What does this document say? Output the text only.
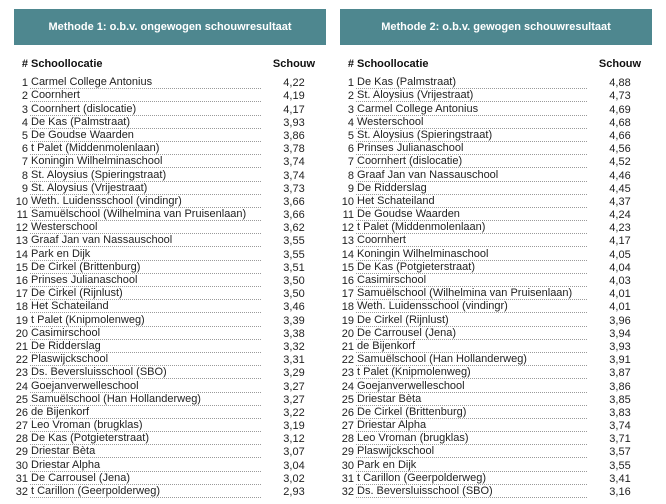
Methode 1: o.b.v. ongewogen schouwresultaat
# Schoollocatie	Schouw
1 Carmel College Antonius	4,22
2 Coornhert	4,19
3 Coornhert (dislocatie)	4,17
4 De Kas (Palmstraat)	3,93
5 De Goudse Waarden	3,86
6 t Palet (Middenmolenlaan)	3,78
7 Koningin Wilhelminaschool	3,74
8 St. Aloysius (Spieringstraat)	3,74
9 St. Aloysius (Vrijestraat)	3,73
10 Weth. Luidensschool (vindingr)	3,66
11 Samuëlschool (Wilhelmina van Pruisenlaan)	3,66
12 Westerschool	3,62
13 Graaf Jan van Nassauschool	3,55
14 Park en Dijk	3,55
15 De Cirkel (Brittenburg)	3,51
16 Prinses Julianaschool	3,50
17 De Cirkel (Rijnlust)	3,50
18 Het Schateiland	3,46
19 t Palet (Knipmolenweg)	3,39
20 Casimirschool	3,38
21 De Ridderslag	3,32
22 Plaswijckschool	3,31
23 Ds. Beversluisschool (SBO)	3,29
24 Goejanverwelleschool	3,27
25 Samuëlschool (Han Hollanderweg)	3,27
26 de Bijenkorf	3,22
27 Leo Vroman (brugklas)	3,19
28 De Kas (Potgieterstraat)	3,12
29 Driestar Bèta	3,07
30 Driestar Alpha	3,04
31 De Carrousel (Jena)	3,02
32 t Carillon (Geerpolderweg)	2,93
Methode 2: o.b.v. gewogen schouwresultaat
# Schoollocatie	Schouw
1 De Kas (Palmstraat)	4,88
2 St. Aloysius (Vrijestraat)	4,73
3 Carmel College Antonius	4,69
4 Westerschool	4,68
5 St. Aloysius (Spieringstraat)	4,66
6 Prinses Julianaschool	4,56
7 Coornhert (dislocatie)	4,52
8 Graaf Jan van Nassauschool	4,46
9 De Ridderslag	4,45
10 Het Schateiland	4,37
11 De Goudse Waarden	4,24
12 t Palet (Middenmolenlaan)	4,23
13 Coornhert	4,17
14 Koningin Wilhelminaschool	4,05
15 De Kas (Potgieterstraat)	4,04
16 Casimirschool	4,03
17 Samuëlschool (Wilhelmina van Pruisenlaan)	4,01
18 Weth. Luidensschool (vindingr)	4,01
19 De Cirkel (Rijnlust)	3,96
20 De Carrousel (Jena)	3,94
21 de Bijenkorf	3,93
22 Samuëlschool (Han Hollanderweg)	3,91
23 t Palet (Knipmolenweg)	3,87
24 Goejanverwelleschool	3,86
25 Driestar Bèta	3,85
26 De Cirkel (Brittenburg)	3,83
27 Driestar Alpha	3,74
28 Leo Vroman (brugklas)	3,71
29 Plaswijckschool	3,57
30 Park en Dijk	3,55
31 t Carillon (Geerpolderweg)	3,41
32 Ds. Beversluisschool (SBO)	3,16
